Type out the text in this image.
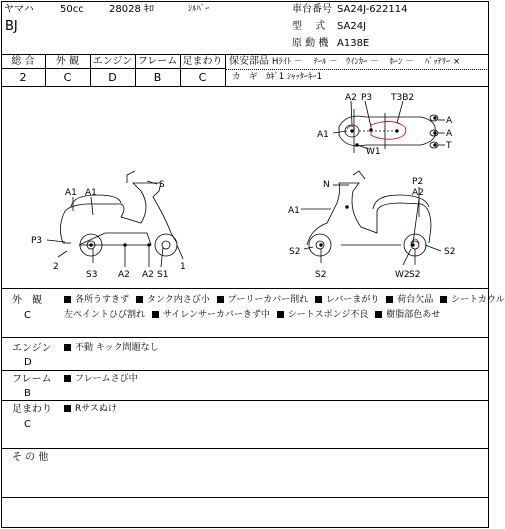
ヤマハ	50cc	28028 ｷﾛ	ｼﾙﾊﾞｰ
BJ
車台番号 SA24J-622114
型　 式 SA24J
原 動 機 A138E
総 合	外 観	エンジン フレーム 足まわり
2	C	D	B	C
保安部品 Hﾗｲﾄ －　 ﾃｰﾙ －　ｳｲﾝｶｰ －　 ﾎｰﾝ －　 ﾊﾞｯﾃﾘｰ ×
カ　ギ　ｶｷﾞ1 ｼｬｯﾀｰｷｰ1
A2 P3 T3B2
A1
W1
A
A
T
S
A1 A1
P3
2
S3 A2 A2 S1
1
N	P2
A2
A1
S2
S2
S2
W2 S2
外　観
C
各所うすきず タンク内さび小 プーリーカバー削れ レバーまがり 荷台欠品 シートカウル
左ペイントひび割れ サイレンサーカバーきず中 シートスポンジ不良 樹脂部色あせ
エンジン
D
不動 キック問題なし
フレーム
B
フレームさび中
足まわり
C
Rサスぬけ
そ の 他
